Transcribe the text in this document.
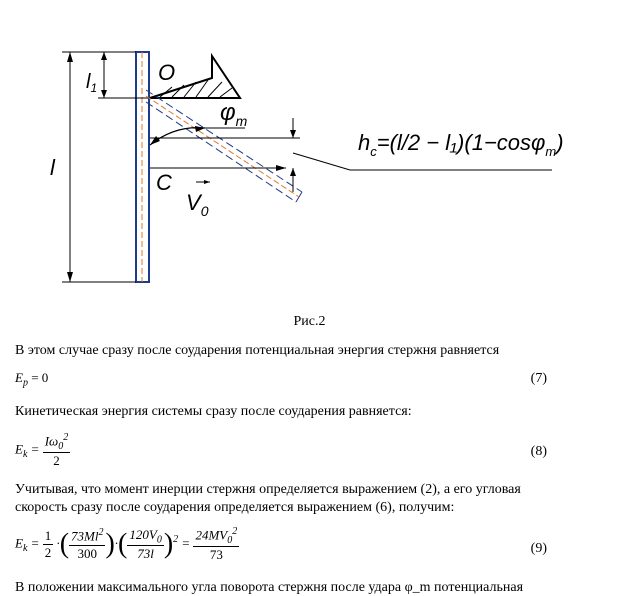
l
$l_1$
O
$\varphi_m$
C
$V_0$
$h_c=(l/2 - l_1)(1-\cos\varphi_m)$
Рис.2
В этом случае сразу после соударения потенциальная энергия стержня равняется
$E_p = 0$	(7)
Кинетическая энергия системы сразу после соударения равняется:
$E_k = \frac{I\omega_0^2}{2}$	(8)
Учитывая, что момент инерции стержня определяется выражением (2), а его угловая скорость сразу после соударения определяется выражением (6), получим:
$E_k = \frac{1}{2}$ ·( $\frac{73Ml^2}{300}$ )·( $\frac{120V_0}{73l} )^2 = \frac{24MV_0^2}{73}$	(9)
В положении максимального угла поворота стержня после удара φ_m потенциальная
